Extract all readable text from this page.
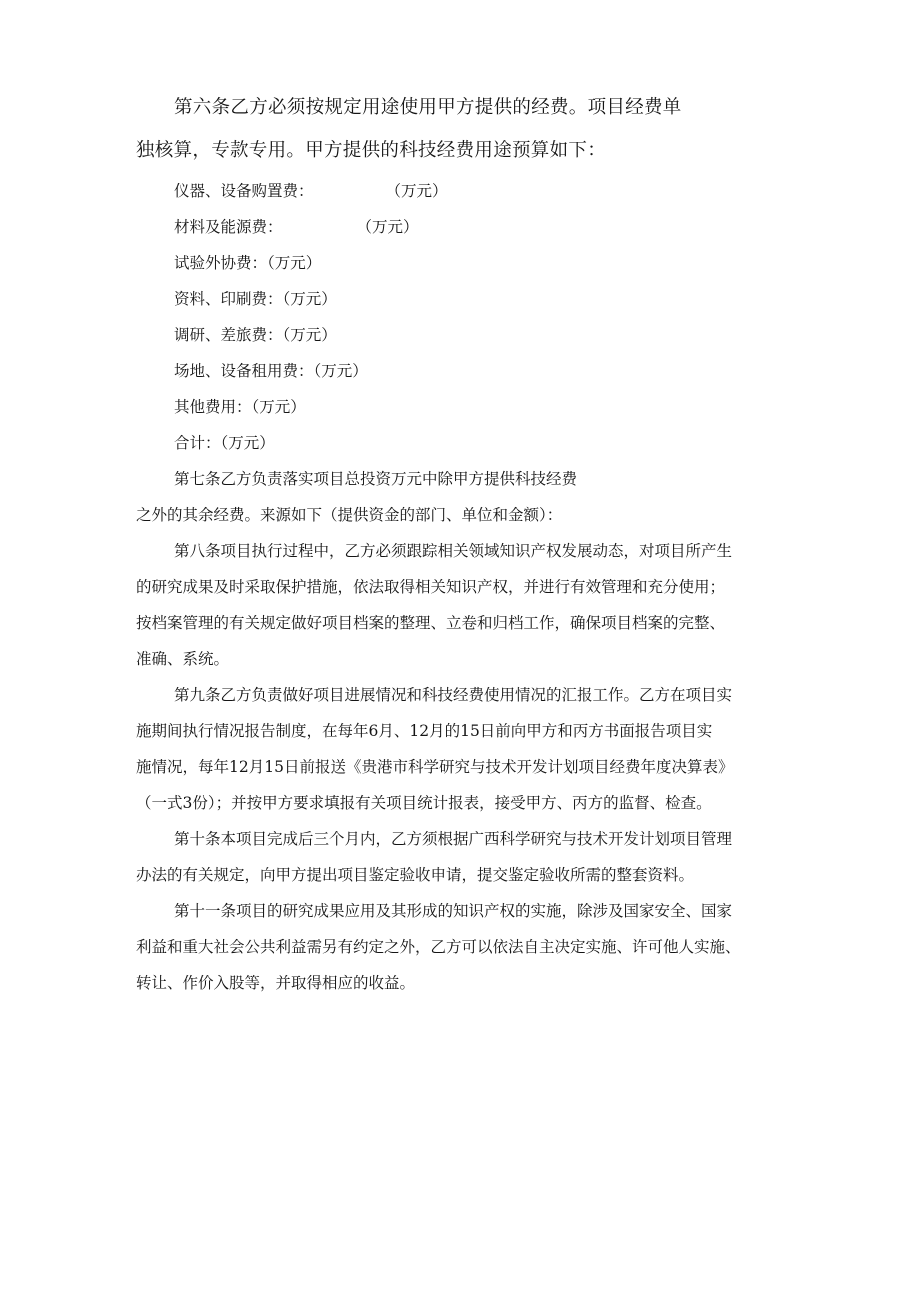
第六条乙方必须按规定用途使用甲方提供的经费。项目经费单
独核算，专款专用。甲方提供的科技经费用途预算如下：
仪器、设备购置费：	（万元）
材料及能源费：	（万元）
试验外协费：（万元）
资料、印刷费：（万元）
调研、差旅费：（万元）
场地、设备租用费：（万元）
其他费用：（万元）
合计：（万元）
第七条乙方负责落实项目总投资万元中除甲方提供科技经费
之外的其余经费。来源如下（提供资金的部门、单位和金额）：
第八条项目执行过程中，乙方必须跟踪相关领域知识产权发展动态，对项目所产生
的研究成果及时采取保护措施，依法取得相关知识产权，并进行有效管理和充分使用；
按档案管理的有关规定做好项目档案的整理、立卷和归档工作，确保项目档案的完整、
准确、系统。
第九条乙方负责做好项目进展情况和科技经费使用情况的汇报工作。乙方在项目实
施期间执行情况报告制度，在每年6月、12月的15日前向甲方和丙方书面报告项目实
施情况，每年12月15日前报送《贵港市科学研究与技术开发计划项目经费年度决算表》
（一式3份）；并按甲方要求填报有关项目统计报表，接受甲方、丙方的监督、检查。
第十条本项目完成后三个月内，乙方须根据广西科学研究与技术开发计划项目管理
办法的有关规定，向甲方提出项目鉴定验收申请，提交鉴定验收所需的整套资料。
第十一条项目的研究成果应用及其形成的知识产权的实施，除涉及国家安全、国家
利益和重大社会公共利益需另有约定之外，乙方可以依法自主决定实施、许可他人实施、
转让、作价入股等，并取得相应的收益。
